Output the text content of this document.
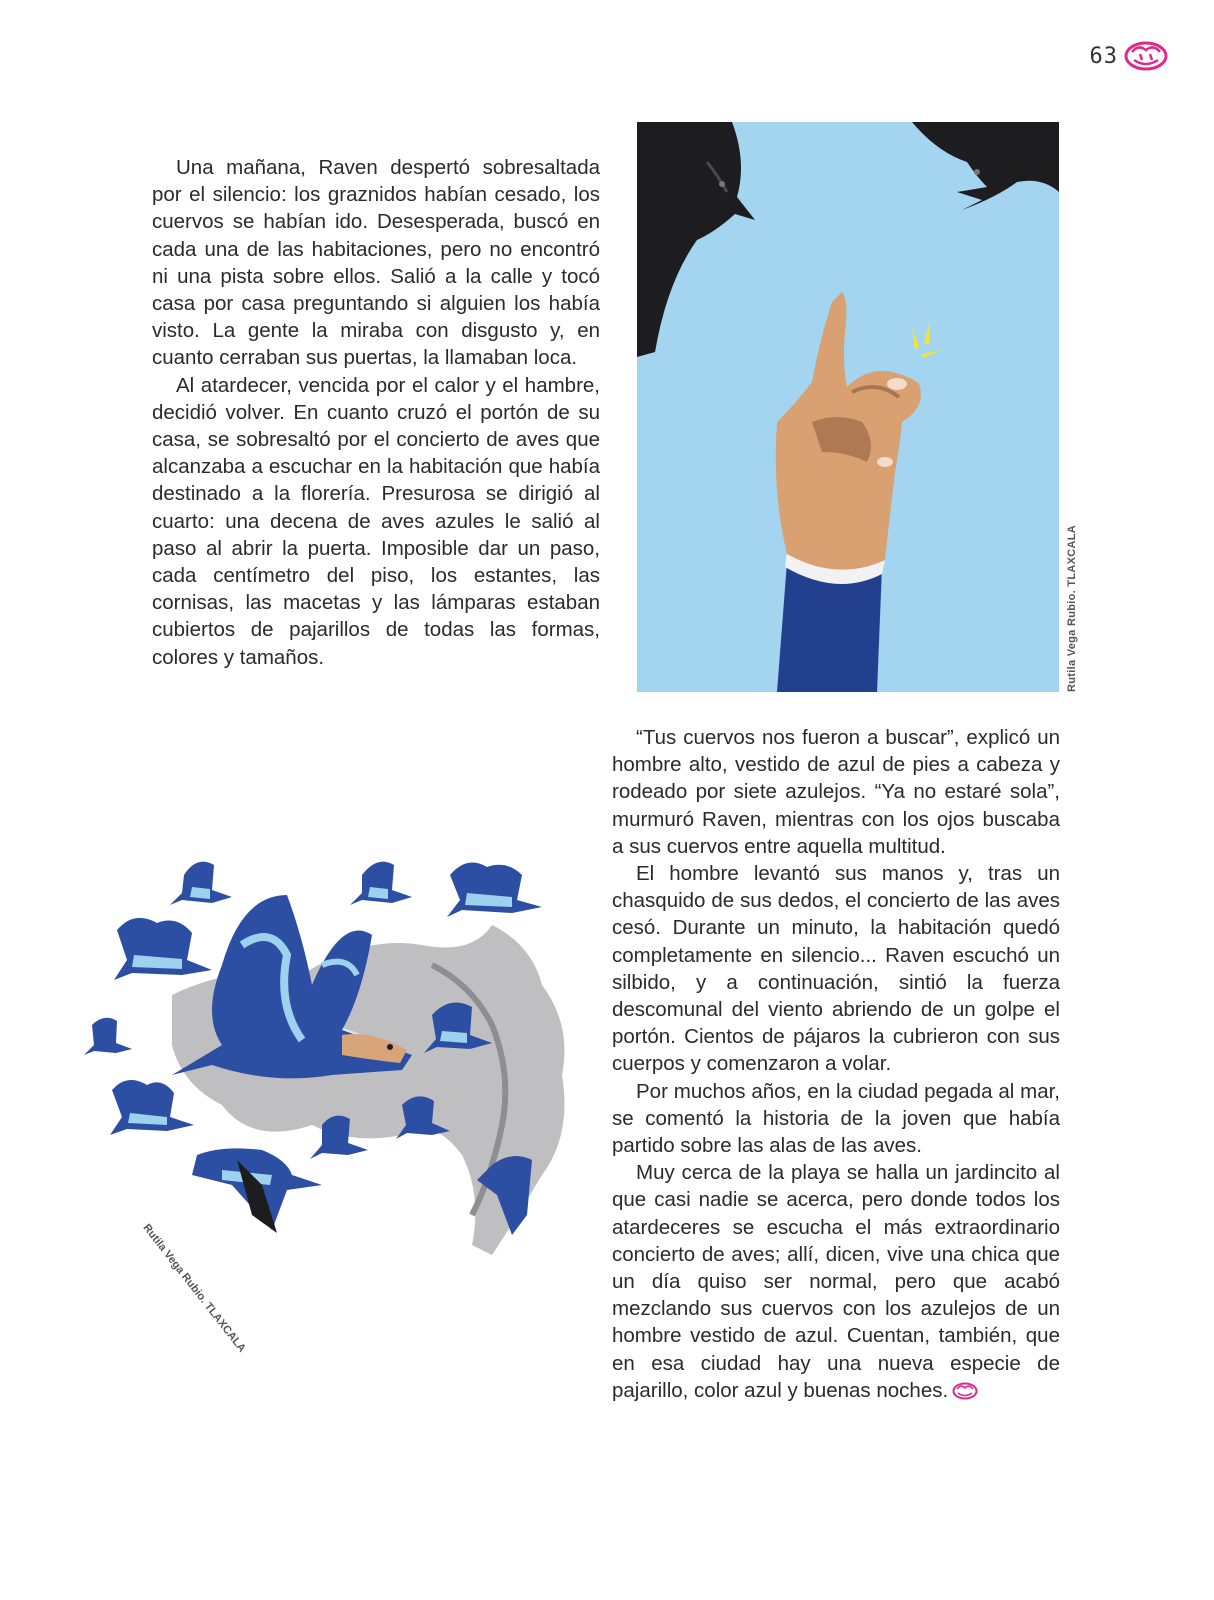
63

Una mañana, Raven despertó sobresaltada por el silencio: los graznidos habían cesado, los cuervos se habían ido. Desesperada, buscó en cada una de las habitaciones, pero no encontró ni una pista sobre ellos. Salió a la calle y tocó casa por casa preguntando si alguien los había visto. La gente la miraba con disgusto y, en cuanto cerraban sus puertas, la llamaban loca.

Al atardecer, vencida por el calor y el hambre, decidió volver. En cuanto cruzó el portón de su casa, se sobresaltó por el concierto de aves que alcanzaba a escuchar en la habitación que había destinado a la florería. Presurosa se dirigió al cuarto: una decena de aves azules le salió al paso al abrir la puerta. Imposible dar un paso, cada centímetro del piso, los estantes, las cornisas, las macetas y las lámparas estaban cubiertos de pajarillos de todas las formas, colores y tamaños.	Rutila Vega Rubio. TLAXCALA
Rutila Vega Rubio. TLAXCALA

“Tus cuervos nos fueron a buscar”, explicó un hombre alto, vestido de azul de pies a cabeza y rodeado por siete azulejos. “Ya no estaré sola”, murmuró Raven, mientras con los ojos buscaba a sus cuervos entre aquella multitud.

El hombre levantó sus manos y, tras un chasquido de sus dedos, el concierto de las aves cesó. Durante un minuto, la habitación quedó completamente en silencio... Raven escuchó un silbido, y a continuación, sintió la fuerza descomunal del viento abriendo de un golpe el portón. Cientos de pájaros la cubrieron con sus cuerpos y comenzaron a volar.

Por muchos años, en la ciudad pegada al mar, se comentó la historia de la joven que había partido sobre las alas de las aves.

Muy cerca de la playa se halla un jardincito al que casi nadie se acerca, pero donde todos los atardeceres se escucha el más extraordinario concierto de aves; allí, dicen, vive una chica que un día quiso ser normal, pero que acabó mezclando sus cuervos con los azulejos de un hombre vestido de azul. Cuentan, también, que en esa ciudad hay una nueva especie de pajarillo, color azul y buenas noches.
